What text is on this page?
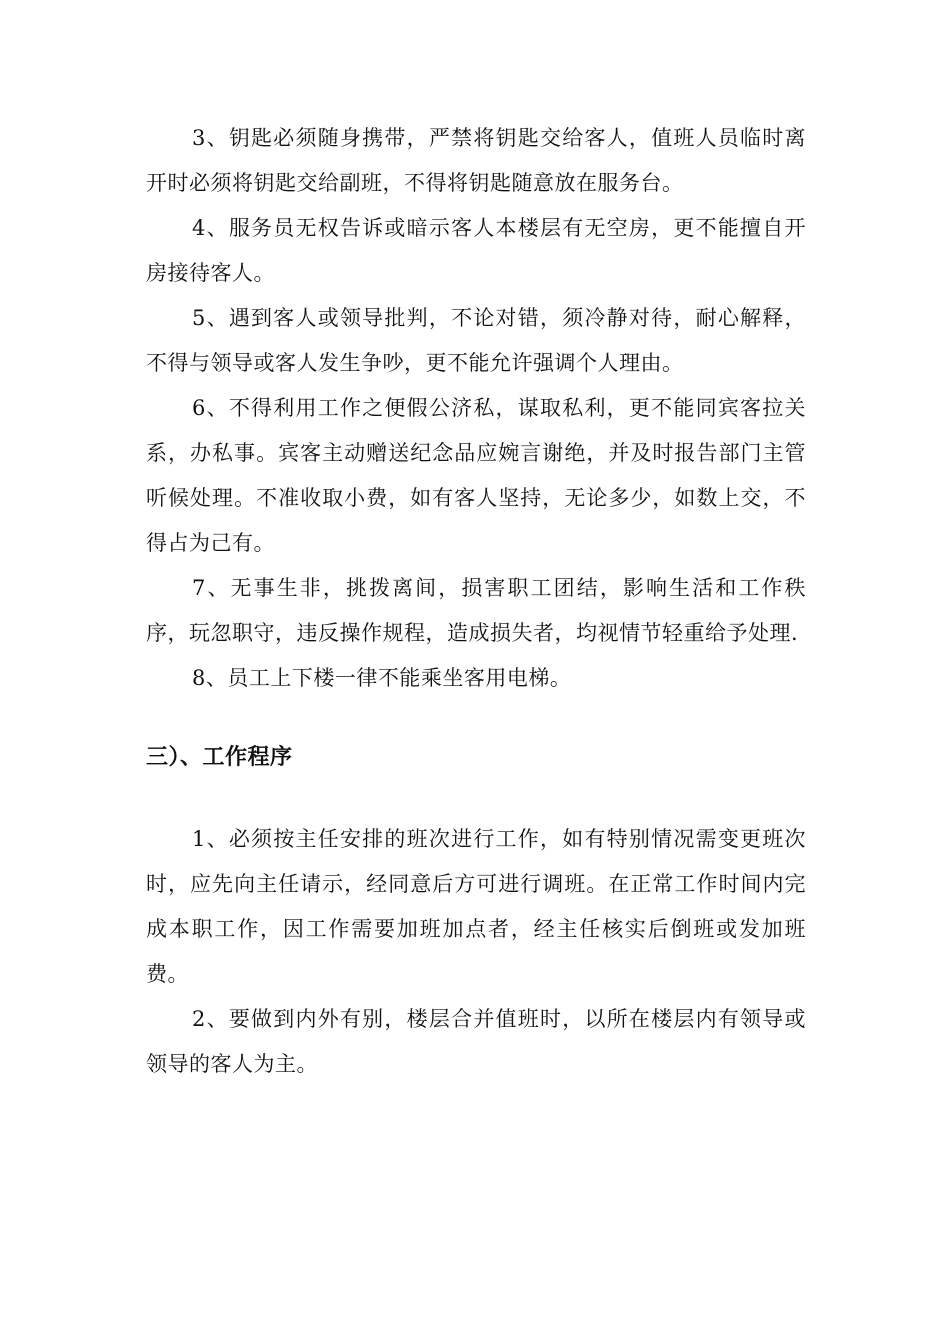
3、钥匙必须随身携带，严禁将钥匙交给客人，值班人员临时离开时必须将钥匙交给副班，不得将钥匙随意放在服务台。

4、服务员无权告诉或暗示客人本楼层有无空房，更不能擅自开房接待客人。

5、遇到客人或领导批判，不论对错，须冷静对待，耐心解释，不得与领导或客人发生争吵，更不能允许强调个人理由。

6、不得利用工作之便假公济私，谋取私利，更不能同宾客拉关系，办私事。宾客主动赠送纪念品应婉言谢绝，并及时报告部门主管听候处理。不准收取小费，如有客人坚持，无论多少，如数上交，不得占为己有。

7、无事生非，挑拨离间，损害职工团结，影响生活和工作秩序，玩忽职守，违反操作规程，造成损失者，均视情节轻重给予处理.

8、员工上下楼一律不能乘坐客用电梯。

三）、工作程序

1、必须按主任安排的班次进行工作，如有特别情况需变更班次时，应先向主任请示，经同意后方可进行调班。在正常工作时间内完成本职工作，因工作需要加班加点者，经主任核实后倒班或发加班费。

2、要做到内外有别，楼层合并值班时，以所在楼层内有领导或领导的客人为主。
